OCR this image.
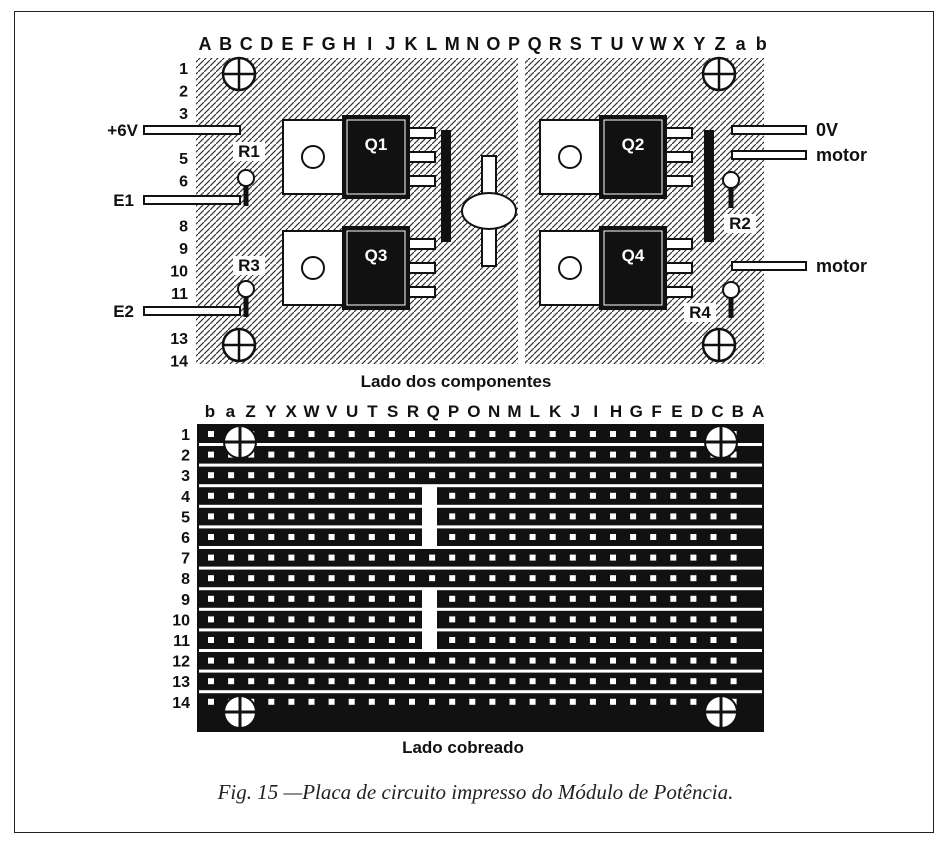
A B C D E F G H I J K L M N O P Q R S T U V W X Y Z a b
1
2
3
5
6
8
9
10
11
13
14
Q1	Q2
Q3	Q4
R1
R2
R3
R4
+6V
E1
E2
0V
motor
motor
Lado dos componentes
b a Z Y X W V U T S R Q P O N M L K J I H G F E D C B A
1
2
3
4
5
6
7
8
9
10
11
12
13
14
Lado cobreado
Fig. 15 —Placa de circuito impresso do Módulo de Potência.
